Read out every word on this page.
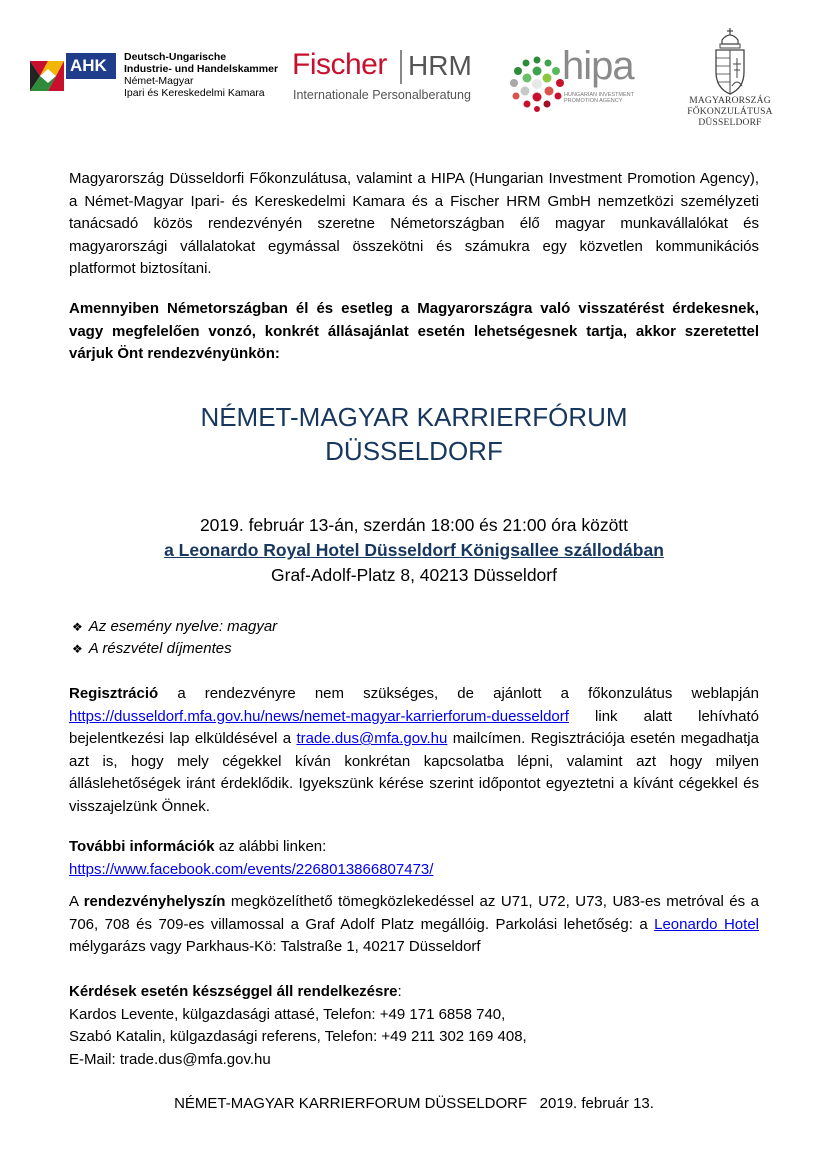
AHK	Deutsch-Ungarische
Industrie- und Handelskammer
Német-Magyar
Ipari és Kereskedelmi Kamara
Fischer HRM
Internationale Personalberatung
hipa
HUNGARIAN INVESTMENT
PROMOTION AGENCY	MAGYARORSZÁG FŐKONZULÁTUSA
DÜSSELDORF

Magyarország Düsseldorfi Főkonzulátusa, valamint a HIPA (Hungarian Investment Promotion Agency), a Német-Magyar Ipari- és Kereskedelmi Kamara és a Fischer HRM GmbH nemzetközi személyzeti tanácsadó közös rendezvényén szeretne Németországban élő magyar munkavállalókat és magyarországi vállalatokat egymással összekötni és számukra egy közvetlen kommunikációs platformot biztosítani.

Amennyiben Németországban él és esetleg a Magyarországra való visszatérést érdekesnek, vagy megfelelően vonzó, konkrét állásajánlat esetén lehetségesnek tartja, akkor szeretettel várjuk Önt rendezvényünkön:

NÉMET-MAGYAR KARRIERFÓRUM
DÜSSELDORF
2019. február 13-án, szerdán 18:00 és 21:00 óra között
a Leonardo Royal Hotel Düsseldorf Königsallee szállodában
Graf-Adolf-Platz 8, 40213 Düsseldorf
❖ Az esemény nyelve: magyar
❖ A részvétel díjmentes

Regisztráció a rendezvényre nem szükséges, de ajánlott a főkonzulátus weblapján https://dusseldorf.mfa.gov.hu/news/nemet-magyar-karrierforum-duesseldorf link alatt lehívható bejelentkezési lap elküldésével a trade.dus@mfa.gov.hu mailcímen. Regisztrációja esetén megadhatja azt is, hogy mely cégekkel kíván konkrétan kapcsolatba lépni, valamint azt hogy milyen álláslehetőségek iránt érdeklődik. Igyekszünk kérése szerint időpontot egyeztetni a kívánt cégekkel és visszajelzünk Önnek.

További információk az alábbi linken:
https://www.facebook.com/events/2268013866807473/

A rendezvényhelyszín megközelíthető tömegközlekedéssel az U71, U72, U73, U83-es metróval és a 706, 708 és 709-es villamossal a Graf Adolf Platz megállóig. Parkolási lehetőség: a Leonardo Hotel mélygarázs vagy Parkhaus-Kö: Talstraße 1, 40217 Düsseldorf

Kérdések esetén készséggel áll rendelkezésre:
Kardos Levente, külgazdasági attasé, Telefon: +49 171 6858 740,
Szabó Katalin, külgazdasági referens, Telefon: +49 211 302 169 408,
E-Mail: trade.dus@mfa.gov.hu

NÉMET-MAGYAR KARRIERFORUM DÜSSELDORF   2019. február 13.
